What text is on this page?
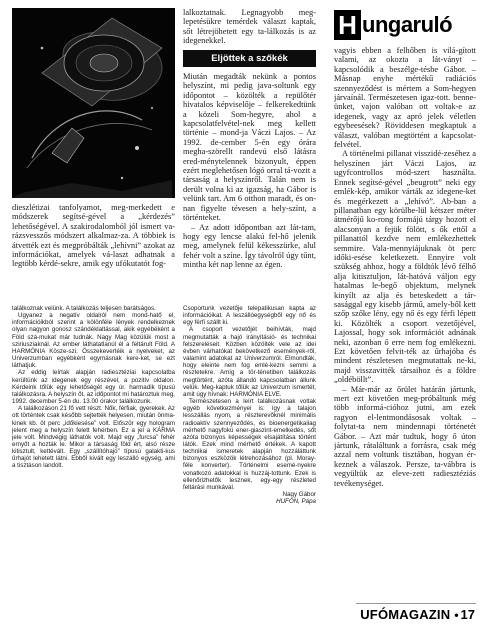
H ungaruló
Eljöttek a szőkék

dieszlétizai tanfolyamot, meg-merkedett e módszerek segítsé-gével a „kérdezés” lehetőségével. A szakirodalomból jól ismert va-rázsvesszős módszert alkalmaz-za. A többiek is átvették ezt és megpróbálták „lehívni” azokat az információkat, amelyek vá-laszt adhatnak a legtöbb kérdé-sekre, amik egy ufókutatót fog-

lalkoztatnak. Legnagyobb meg-lepetésükre temérdek választ kaptak, sőt létrejöhetett egy ta-lálkozás is az idegenekkel.

Miután megadták nekünk a pontos helyszínt, mi pedig java-soltunk egy időpontot – közölték a repülőtér hivatalos képviselője – felkerekedtünk a közeli Som-hegyre, ahol a kapcsolatfelvétel-nek meg kellett történie – mond-ja Váczi Lajos. – Az 1992. de-cember 5-én egy órára megha-szörellt randevú első látásra ered-ménytelennek bizonyult, éppen ezért meglehetősen lógó orral tá-voztt a társaság a helyszínről. Talán nem is derült volna ki az igazság, ha Gábor is velünk tart. Am 6 otthon maradt, és on-nan figyelte tévesen a hely-színt, a történteket.

– Az adott időpontban azt lát-tam, hogy egy lencse alakú fel-hő jelenik meg, amelynek felül kékesszürke, alul fehér volt a színe. Így távolról úgy tűnt, mintha két nap lenne az égen.

vagyis ebben a felhőben is vilá-gított valami, az okozta a lát-ványt – kapcsolódik a beszélge-tésbe Gábor. – Másnap enyhe mértékű radiációs szennyeződést is mértem a Som-hegyen járvaínál. Természetesen igaz-tott. benneünket, vajon valóban ott voltak-e az idegenek, vagy az apró jelek véletlen egybeesések? Röviddesen megkaptuk a választ, valóban megtörtént a kapcsolat-felvétel.

A történelmi pillanat visszidé-zeséhez a helyszínen járt Váczi Lajos, az ugyfcontrollos mód-szert használta. Ennek segítsé-gével „beugrott” neki egy emlék-kép, amikor várták az idegene-ket és megérkezett a „lehívó”. Ab-ban a pillanatban egy körülbe-lül kétszer méter átmérőjű ko-rong formájú tárgy hozott el alacsonyan a fejük fölött, s ők ettől a pillanattól kezdve nem emlékezhettek semmire. Vala-mennyiájuknak öt perc időki-esése keletkezett. Ennyire volt szükség ahhoz, hogy a földtók lévő félhő alja kitisztuljon, lát-hatóvá váljon egy hatalmas le-begő objektum, melynek kinyílt az alja és beteskedett a tár-sasággal egy kisebb jármű, amely-ből kett szőp szőke lény, egy nő és egy férfi lépett ki. Közölték a csoport vezetőjével, Lajossal, hogy sok információt adnának neki, azonban ő erre nem fog emlékezni. Ezt követően felvit-ték az űrhajóba és mindent részletesen megmutattak ne-ki, majd visszavitték társaihoz és a földre „oldéböllt”.

– Már-már az őrület határán jártunk, mert ezt követően meg-próbáltunk még több informá-cióhoz jutni, am ezek ragyon el-lentmondásosak voltak – folytat-ta nem mindennapi történetét Gábor. – Azt már tudtuk, hogy ő úton jártunk, rátaláltunk a forrásra, csak még azzal nem voltunk tisztában, hogyan ér-keznek a válaszok. Persze, ta-vábbra is vegyültük az eleve-zett radiesztéziás tevékenységet.

találkoznak velünk. A találkozás teljesen barátságos.

Ugyanez a negatív oldalról nem mond-hatő el, információikból szerint a kölönféle lények rendelkeznek olyan nagyon gonosz szándéklaltással, akik egyébéként a Föld szá-mukat már tudnák. Nagy Mag közülük most a sziriusziaknál. Az ember láthatatlanúl él a feltárult Föld. A HARMÓNIA Kösze-szi. Összekevertéik a nyelveket, az Univerzumban egyébként egymásnak kere-ket, se ezt láthatjuk.

Az eddig leírtak alapján radiesztéziai kapcsolatba kerültünk az idegenek egy részével, a pozitív oldalon. Kérdeink tőlük egy lehetőségét egy úr. harmadik típusú találkozásra. A helyszín őt, az időpontot mi határoztuk meg, 1992. december 5-én du. 13.00 órakor találkozunk.

A találkozáson 21 fő vett részt. Nők, férfiak, gyerekek. Az ott történtek csak később sejtették helyesen, miután önma-kinek kb. öt perc „időkiesése” volt. Először egy hologram jelent meg a helyszín felett fehérben. Ez a jel a KÁRMA jele volt. Mindvégig láthatók volt. Majd egy „furcsa” fehér ernyőt a hozták le. Mikor a társaság föld ért, alsó része kitisztult, kettévált. Egy „szállítóhajó” típusú galakti-kus űrhajót lehetett látni. Ebből kivált egy leszálló egység, ami a tisztáson landolt.

Csoportunk vezetője telepatikusan kapta az információikat. A leszállóegységből egy nő és egy férfi szállt ki.

A csoport vezetőjét beihívták, majd megmutatták a hajó irányításió- és technikai felszereléseit. Közben közölték vele az idei évben várhatókat bekövetkező események-ről, valamint adatokat az Univerzumról. Elmondták, hogy eleinte nem fog emlé-kezni semmi a részletekre. Amíg a tör-ténetiben találkozás megtörtént, azóta állandó kapcsolatban állunk velük. Meg-kaptuk tőlük az Univerzum ismertét, amit úgy hívnak: HARMÓNIA ELVE.

Természetesen a leírt találkozásnak voltak egyéb következményei is: így a talajon lesszállás nyom, a részterevőknél minimális radioaktív szennyeződés, és bioenergetikailag mérhető nagyfokú ener-giaszint-emelkedés, sőt azóta bizonyos képességek elsajátítása történt látók. Ezek mind mérhető értékek. A kapott technikai ismeretek alapján hozzáláttunk bizonyos eszközök létrehozásához (pl. Moray-féle konverter). Történelmi esemé-nyekre vonatkozó adatokkal is huzzáj-tottunk. Ezek is ellenőrizhetők lesznek, egy-egy részleted feltárási munkával.

Nagy Gábor

HUFON, Pápa

UFÓMAGAZIN • 17
